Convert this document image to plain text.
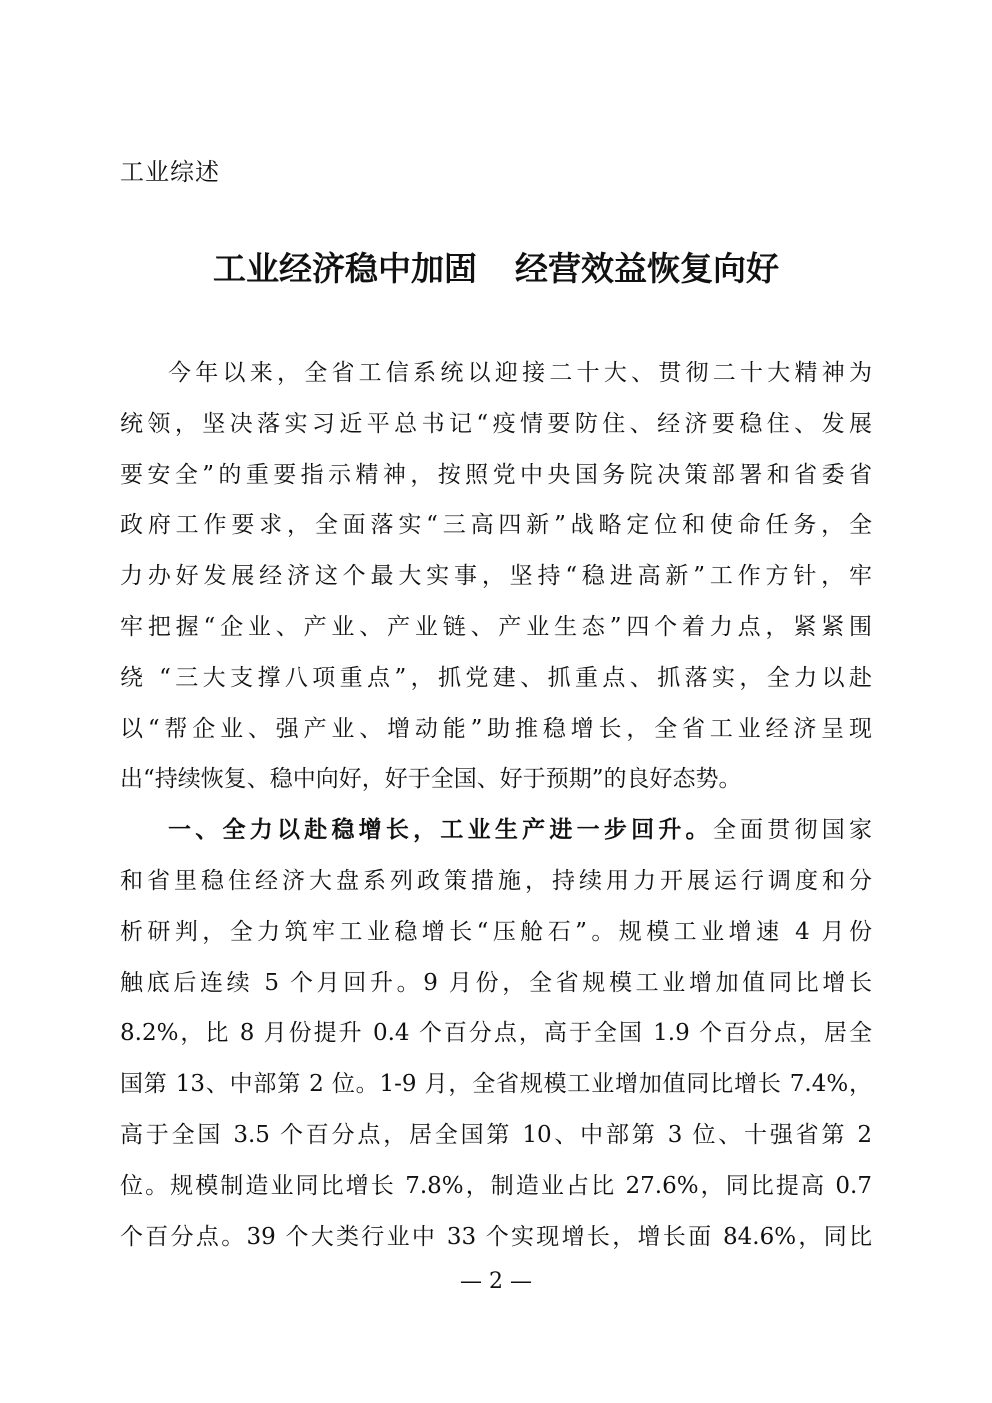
工业综述
工业经济稳中加固 经营效益恢复向好
今年以来，全省工信系统以迎接二十大、贯彻二十大精神为
统领，坚决落实习近平总书记“疫情要防住、经济要稳住、发展
要安全”的重要指示精神，按照党中央国务院决策部署和省委省
政府工作要求，全面落实“三高四新”战略定位和使命任务，全
力办好发展经济这个最大实事，坚持“稳进高新”工作方针，牢
牢把握“企业、产业、产业链、产业生态”四个着力点，紧紧围
绕 “三大支撑八项重点”，抓党建、抓重点、抓落实，全力以赴
以“帮企业、强产业、增动能”助推稳增长，全省工业经济呈现
出“持续恢复、稳中向好，好于全国、好于预期”的良好态势。
一、全力以赴稳增长，工业生产进一步回升。全面贯彻国家
和省里稳住经济大盘系列政策措施，持续用力开展运行调度和分
析研判，全力筑牢工业稳增长“压舱石”。规模工业增速 4 月份
触底后连续 5 个月回升。9 月份，全省规模工业增加值同比增长
8.2%，比 8 月份提升 0.4 个百分点，高于全国 1.9 个百分点，居全
国第 13、中部第 2 位。1-9 月，全省规模工业增加值同比增长 7.4%，
高于全国 3.5 个百分点，居全国第 10、中部第 3 位、十强省第 2
位。规模制造业同比增长 7.8%，制造业占比 27.6%，同比提高 0.7
个百分点。39 个大类行业中 33 个实现增长，增长面 84.6%，同比
— 2 —
